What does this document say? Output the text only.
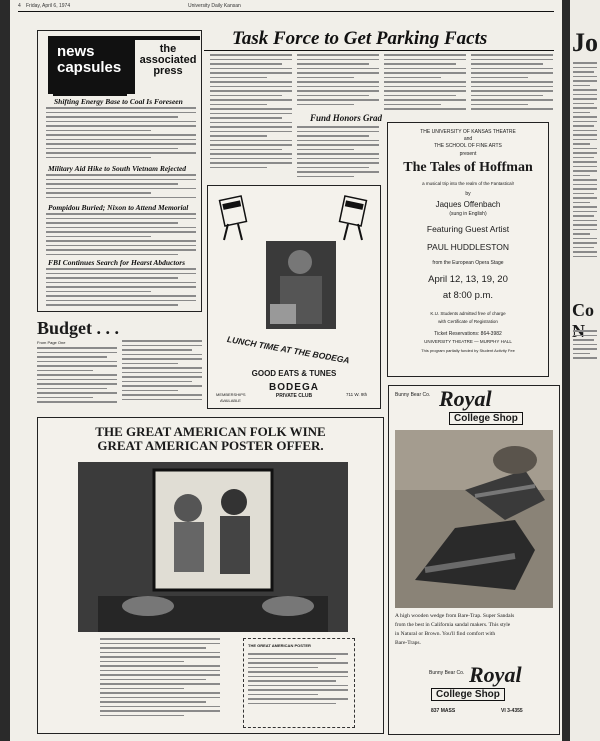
4 Friday, April 6, 1974	University Daily Kansan
news capsules
the associated press
Shifting Energy Base to Coal Is Foreseen
Military Aid Hike to South Vietnam Rejected
Pompidou Buried; Nixon to Attend Memorial
FBI Continues Search for Hearst Abductors
Task Force to Get Parking Facts
Fund Honors Grad
Budget . . .
From Page One	LUNCH TIME AT THE BODEGA
GOOD EATS & TUNES
BODEGA
PRIVATE CLUB
MEMBERSHIPS
AVAILABLE
711 W. 9th
THE UNIVERSITY OF KANSAS THEATRE
and
THE SCHOOL OF FINE ARTS
present
The Tales of Hoffman
a musical trip into the realm of the Fantastical!
by
Jaques Offenbach
(sung in English)
Featuring Guest Artist
PAUL HUDDLESTON
from the European Opera Stage
April 12, 13, 19, 20
at 8:00 p.m.
K.U. Students admitted free of charge
with Certificate of Registration
Ticket Reservations: 864-3982
UNIVERSITY THEATRE — MURPHY HALL
This program partially funded by Student Activity Fee
THE GREAT AMERICAN FOLK WINE
GREAT AMERICAN POSTER OFFER.
THE GREAT AMERICAN POSTER
Bunny Bear Co. Royal
College Shop
A high wooden wedge from Bare-Trap. Super Sandals
from the best in California sandal makers. This style
in Natural or Brown. You'll find comfort with
Bare-Traps.
Bunny Bear Co. Royal
College Shop
837 MASS	VI 3-4355
Jo
Co
